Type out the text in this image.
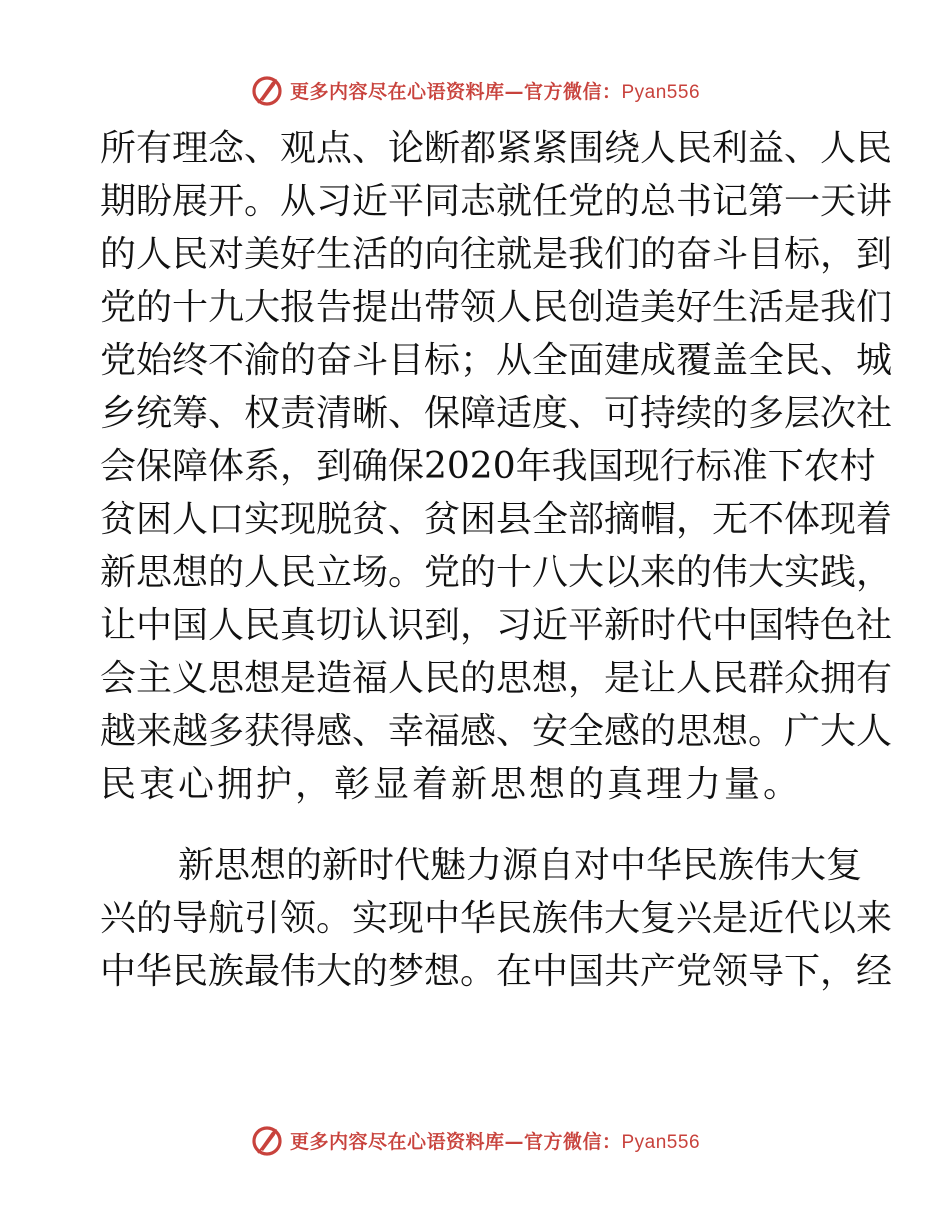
更多内容尽在心语资料库—官方微信：Pyan556
所有理念、观点、论断都紧紧围绕人民利益、人民
期盼展开。从习近平同志就任党的总书记第一天讲
的人民对美好生活的向往就是我们的奋斗目标，到
党的十九大报告提出带领人民创造美好生活是我们
党始终不渝的奋斗目标；从全面建成覆盖全民、城
乡统筹、权责清晰、保障适度、可持续的多层次社
会保障体系，到确保2020年我国现行标准下农村
贫困人口实现脱贫、贫困县全部摘帽，无不体现着
新思想的人民立场。党的十八大以来的伟大实践，
让中国人民真切认识到，习近平新时代中国特色社
会主义思想是造福人民的思想，是让人民群众拥有
越来越多获得感、幸福感、安全感的思想。广大人
民衷心拥护，彰显着新思想的真理力量。
新思想的新时代魅力源自对中华民族伟大复
兴的导航引领。实现中华民族伟大复兴是近代以来
中华民族最伟大的梦想。在中国共产党领导下，经
更多内容尽在心语资料库—官方微信：Pyan556
